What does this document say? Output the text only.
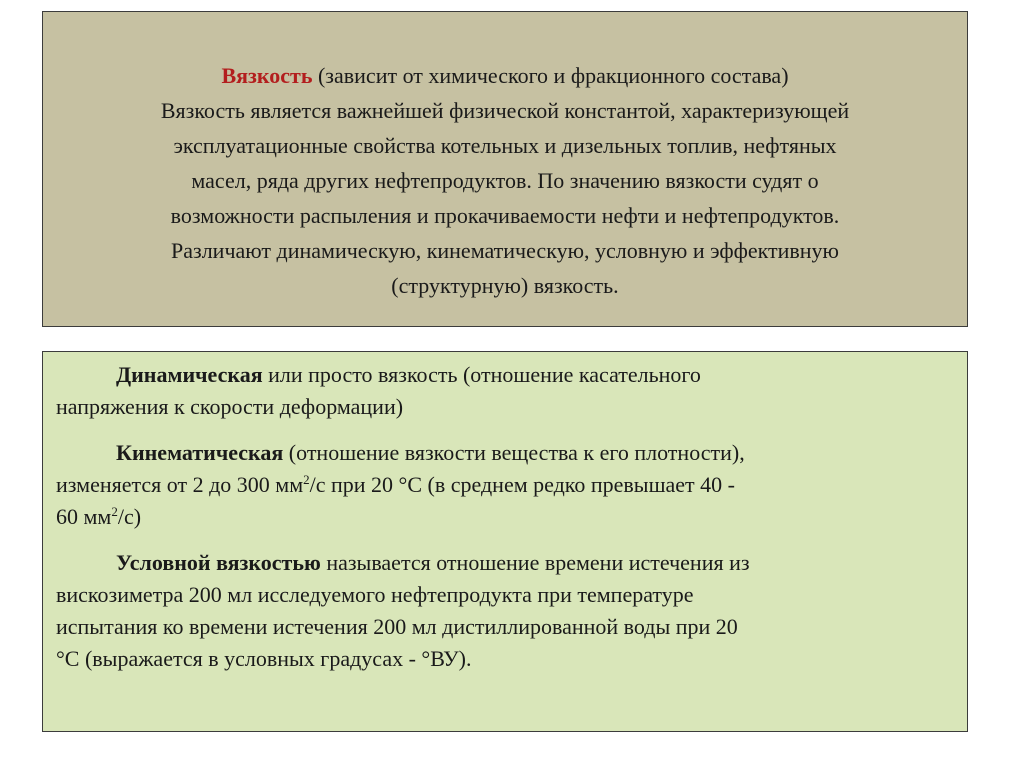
Вязкость (зависит от химического и фракционного состава)
Вязкость является важнейшей физической константой, характеризующей
эксплуатационные свойства котельных и дизельных топлив, нефтяных
масел, ряда других нефтепродуктов. По значению вязкости судят о
возможности распыления и прокачиваемости нефти и нефтепродуктов.
Различают динамическую, кинематическую, условную и эффективную
(структурную) вязкость.

Динамическая или просто вязкость (отношение касательного
напряжения к скорости деформации)

Кинематическая (отношение вязкости вещества к его плотности),
изменяется от 2 до 300 $мм^2/с$ при 20 °С (в среднем редко превышает 40 -
60 $мм^2/с$)

Условной вязкостью называется отношение времени истечения из
вискозиметра 200 мл исследуемого нефтепродукта при температуре
испытания ко времени истечения 200 мл дистиллированной воды при 20
°С (выражается в условных градусах - °ВУ).
